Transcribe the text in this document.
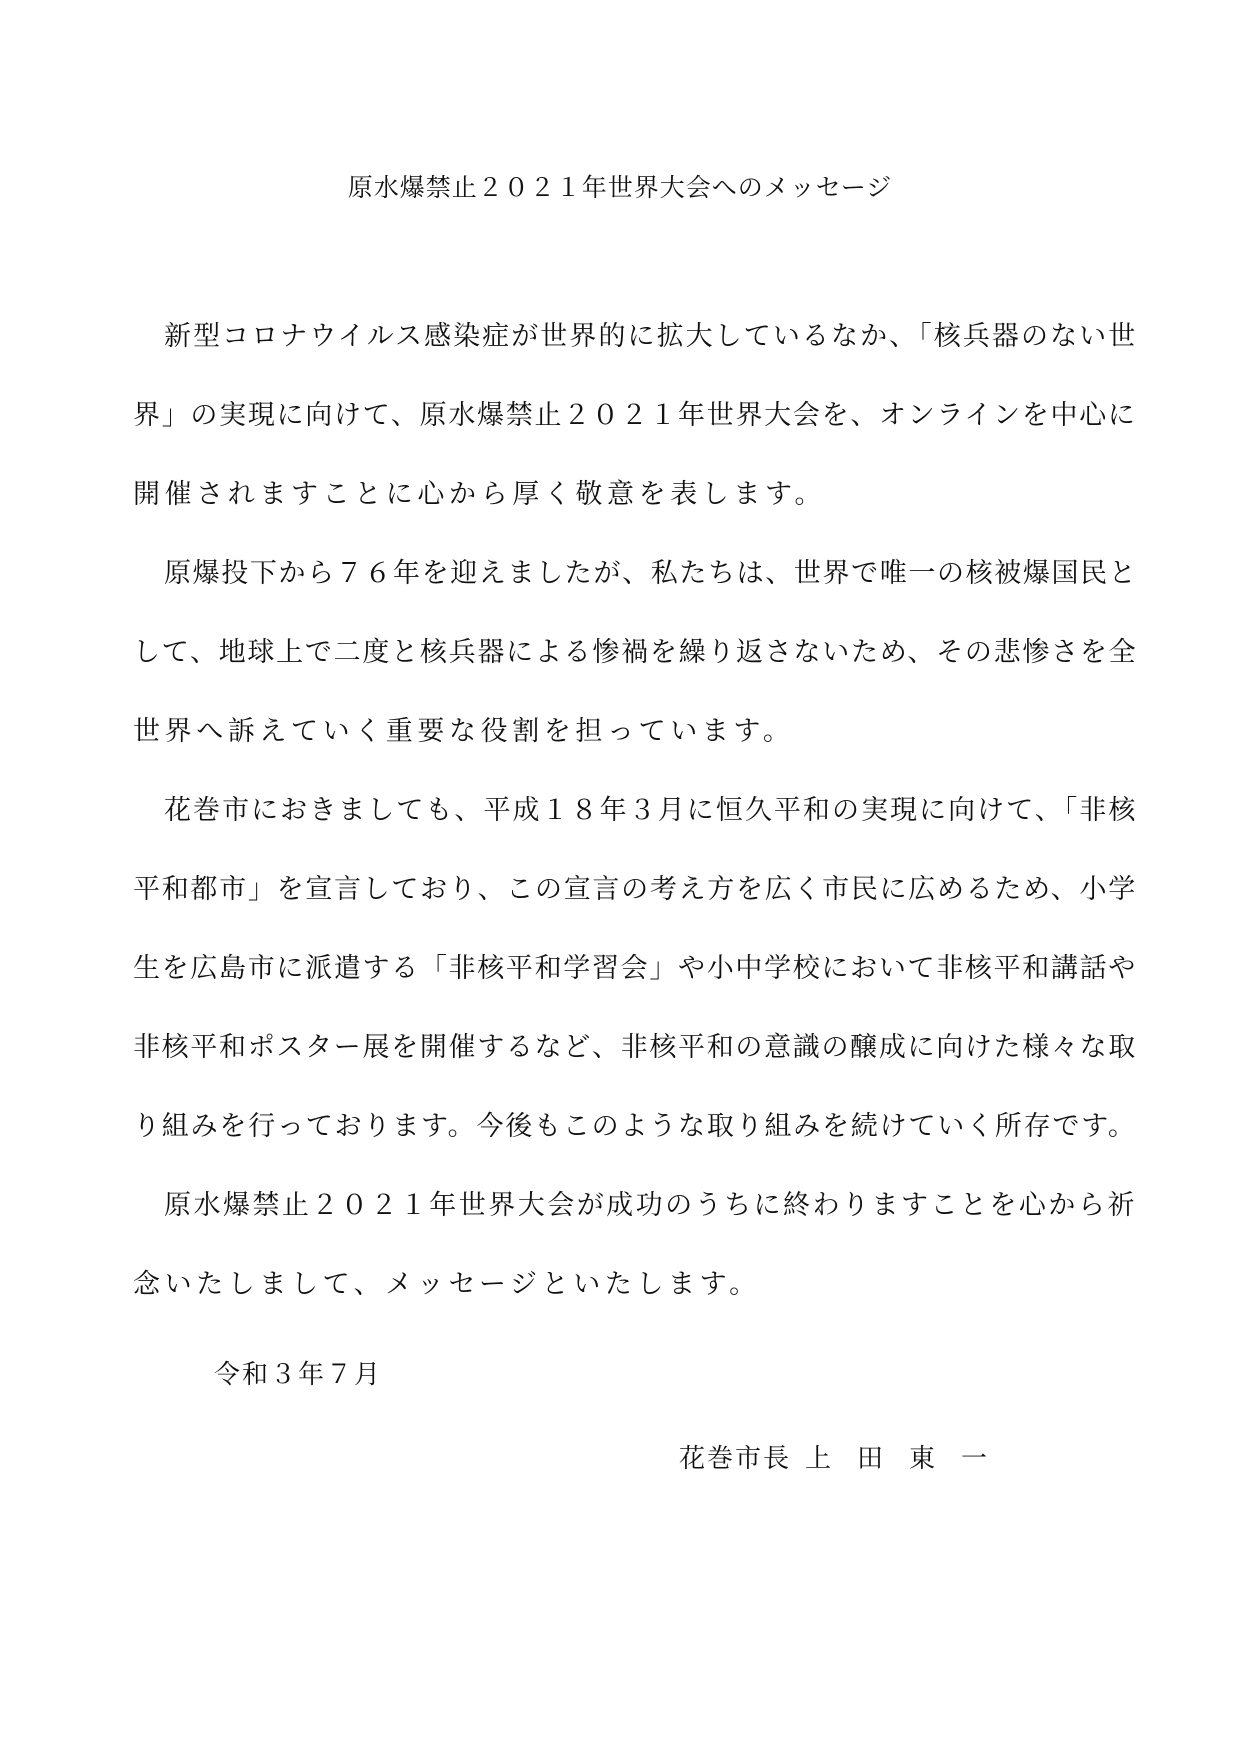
原水爆禁止２０２１年世界大会へのメッセージ

新型コロナウイルス感染症が世界的に拡大しているなか、「核兵器のない世
界」の実現に向けて、原水爆禁止２０２１年世界大会を、オンラインを中心に
開催されますことに心から厚く敬意を表します。

原爆投下から７６年を迎えましたが、私たちは、世界で唯一の核被爆国民と
して、地球上で二度と核兵器による惨禍を繰り返さないため、その悲惨さを全
世界へ訴えていく重要な役割を担っています。

花巻市におきましても、平成１８年３月に恒久平和の実現に向けて、「非核
平和都市」を宣言しており、この宣言の考え方を広く市民に広めるため、小学
生を広島市に派遣する「非核平和学習会」や小中学校において非核平和講話や
非核平和ポスター展を開催するなど、非核平和の意識の醸成に向けた様々な取
り組みを行っております。今後もこのような取り組みを続けていく所存です。

原水爆禁止２０２１年世界大会が成功のうちに終わりますことを心から祈
念いたしまして、メッセージといたします。

令和３年７月

花巻市長 上田東一
